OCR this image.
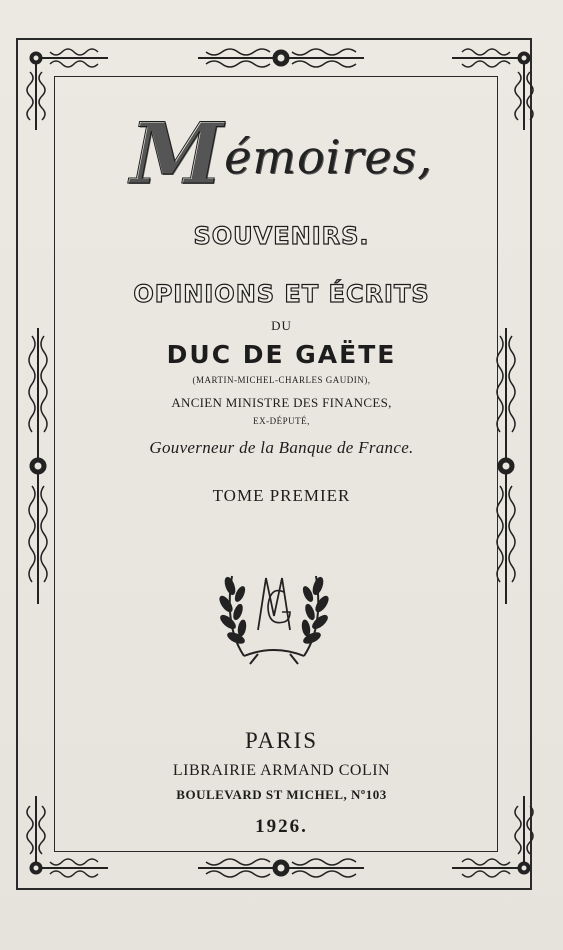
Mémoires,
SOUVENIRS.
OPINIONS ET ÉCRITS
DU
DUC DE GAËTE
(MARTIN-MICHEL-CHARLES GAUDIN),
ANCIEN MINISTRE DES FINANCES,
EX-DÉPUTÉ,
Gouverneur de la Banque de France.
TOME PREMIER
PARIS
LIBRAIRIE ARMAND COLIN
BOULEVARD ST MICHEL, Nº103
1926.
